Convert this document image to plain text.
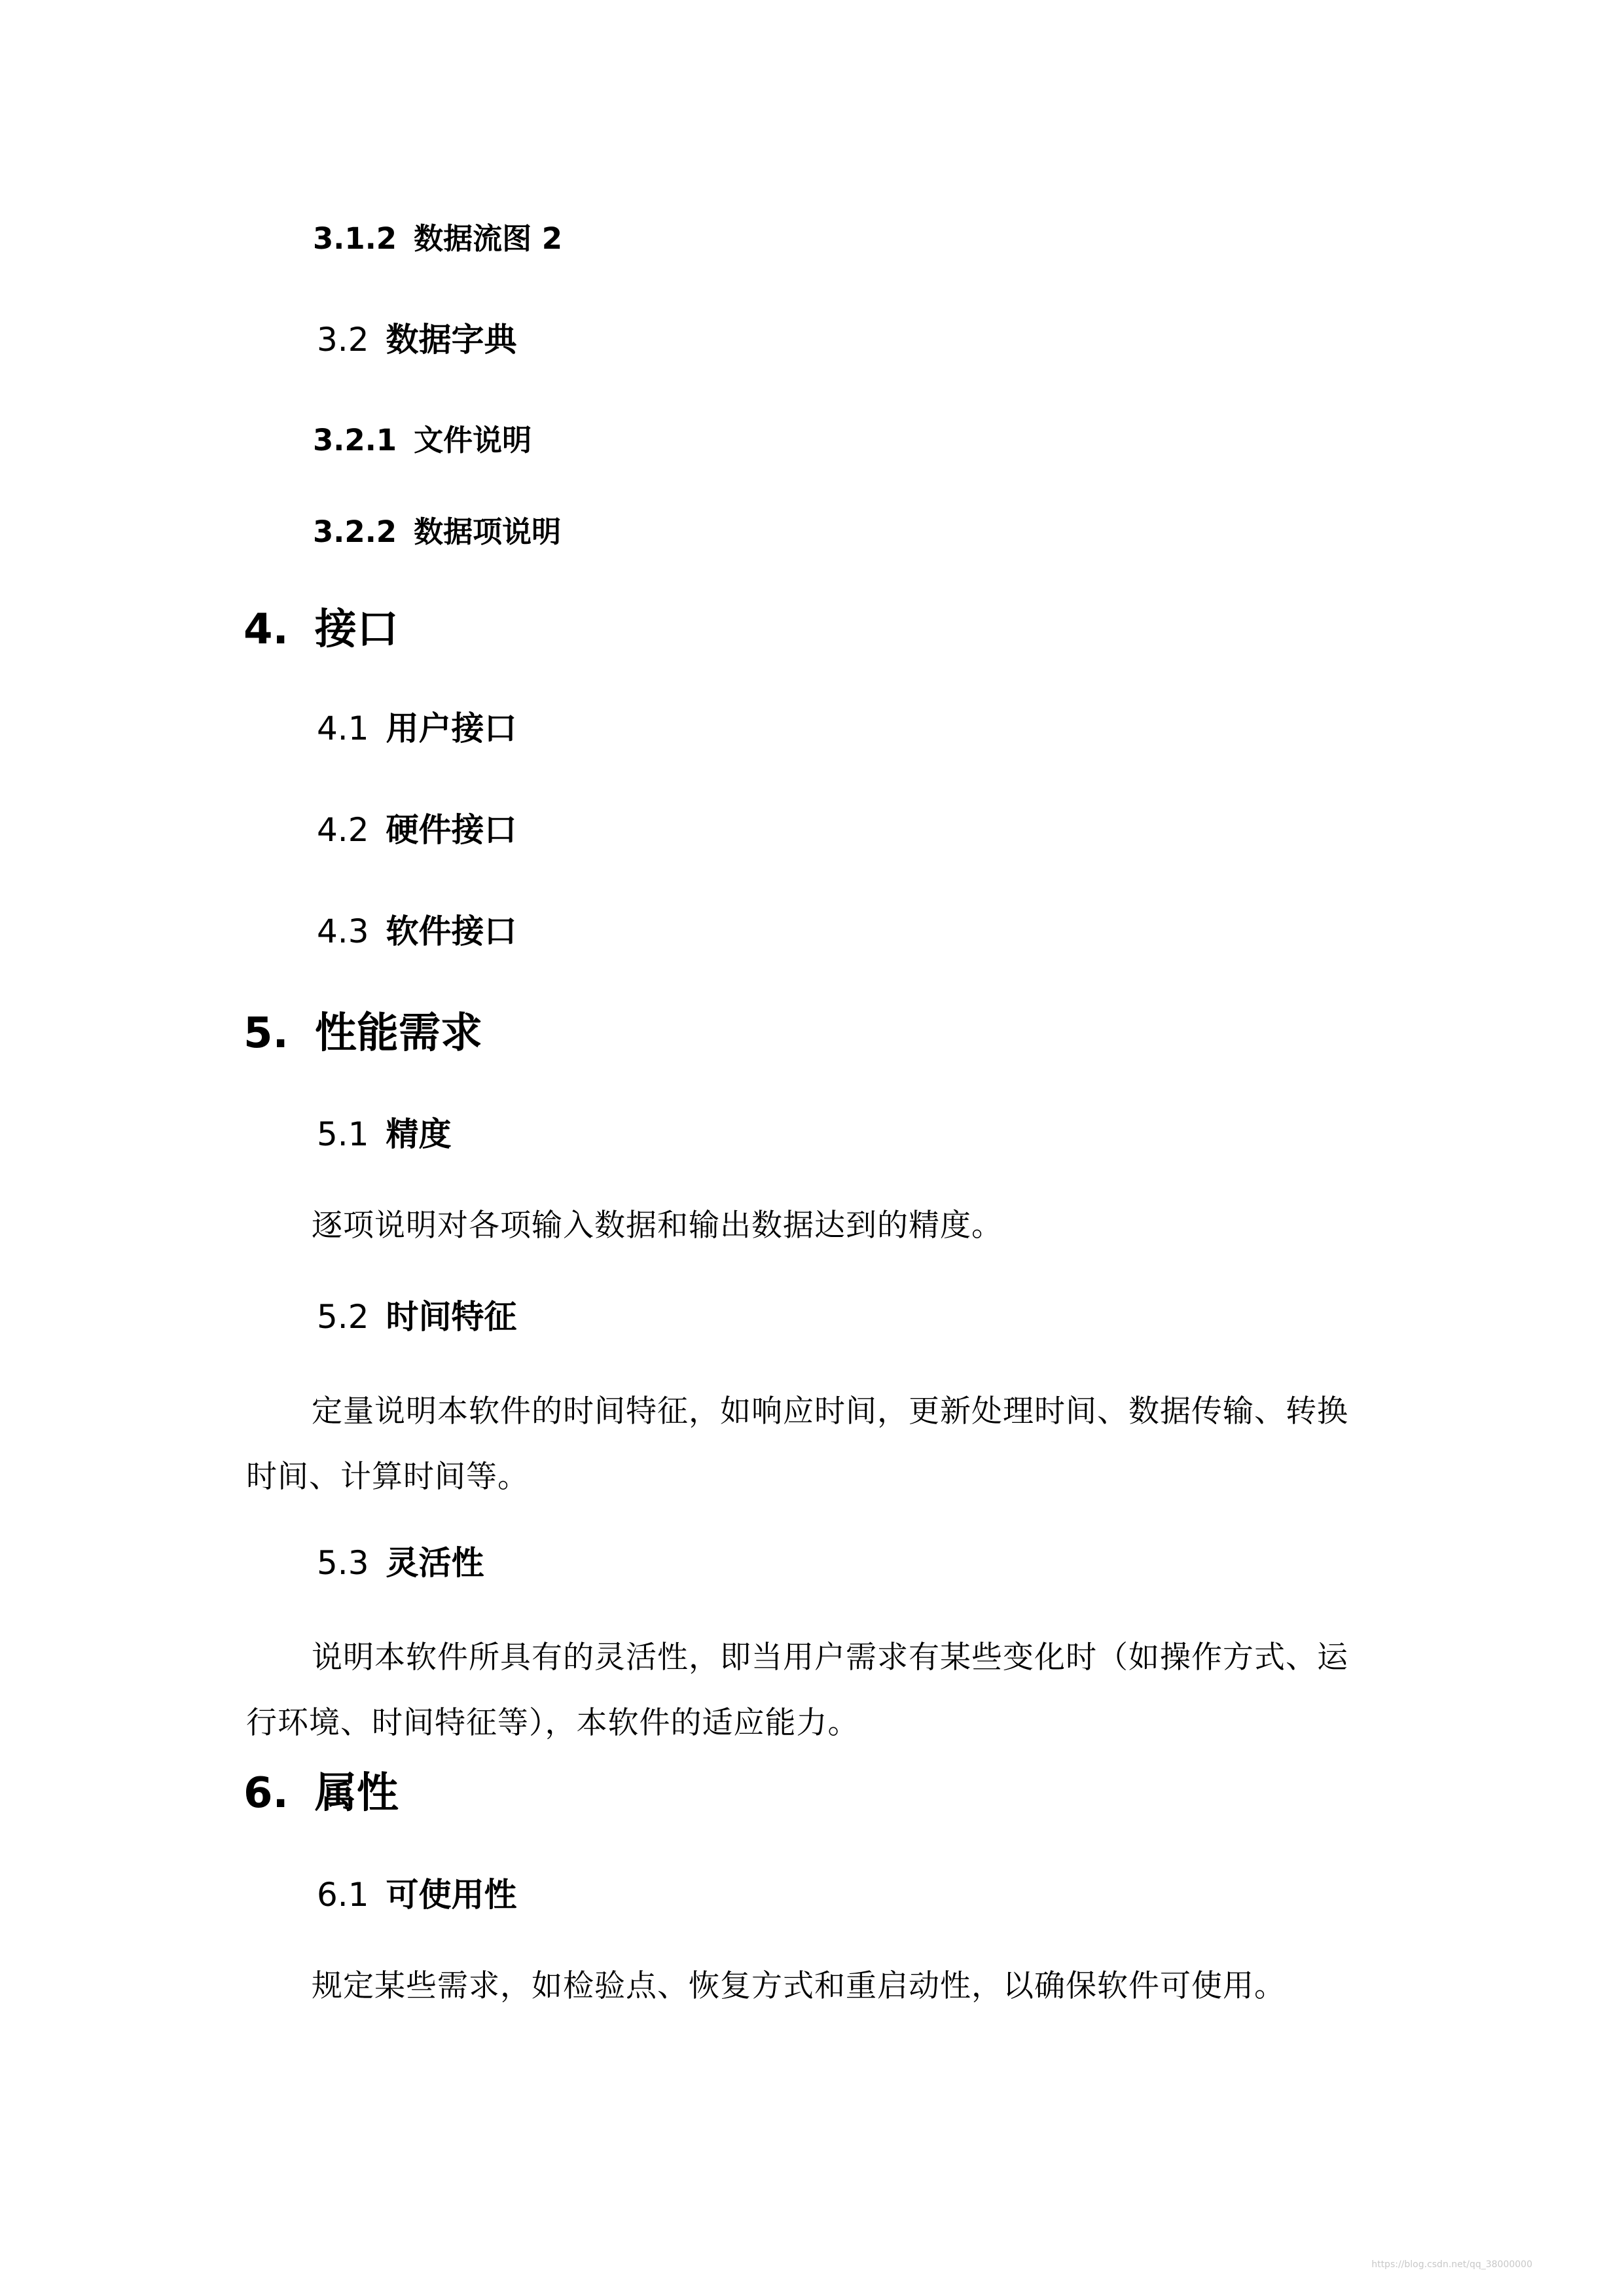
3.1.2 数据流图 2
3.2 数据字典
3.2.1 文件说明
3.2.2 数据项说明
4. 接口
4.1 用户接口
4.2 硬件接口
4.3 软件接口
5. 性能需求
5.1 精度
逐项说明对各项输入数据和输出数据达到的精度。
5.2 时间特征
定量说明本软件的时间特征，如响应时间，更新处理时间、数据传输、转换时间、计算时间等。
5.3 灵活性
说明本软件所具有的灵活性，即当用户需求有某些变化时（如操作方式、运行环境、时间特征等），本软件的适应能力。
6. 属性
6.1 可使用性
规定某些需求，如检验点、恢复方式和重启动性，以确保软件可使用。
https://blog.csdn.net/qq_38000000
